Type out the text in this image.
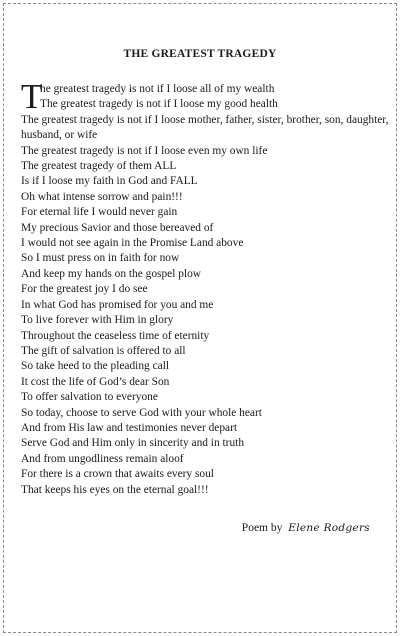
THE GREATEST TRAGEDY
T
he greatest tragedy is not if I loose all of my wealth
The greatest tragedy is not if I loose my good health
The greatest tragedy is not if I loose mother, father, sister, brother, son, daughter, husband, or wife
The greatest tragedy is not if I loose even my own life
The greatest tragedy of them ALL
Is if I loose my faith in God and FALL
Oh what intense sorrow and pain!!!
For eternal life I would never gain
My precious Savior and those bereaved of
I would not see again in the Promise Land above
So I must press on in faith for now
And keep my hands on the gospel plow
For the greatest joy I do see
In what God has promised for you and me
To live forever with Him in glory
Throughout the ceaseless time of eternity
The gift of salvation is offered to all
So take heed to the pleading call
It cost the life of God’s dear Son
To offer salvation to everyone
So today, choose to serve God with your whole heart
And from His law and testimonies never depart
Serve God and Him only in sincerity and in truth
And from ungodliness remain aloof
For there is a crown that awaits every soul
That keeps his eyes on the eternal goal!!!
Poem by Elene Rodgers
